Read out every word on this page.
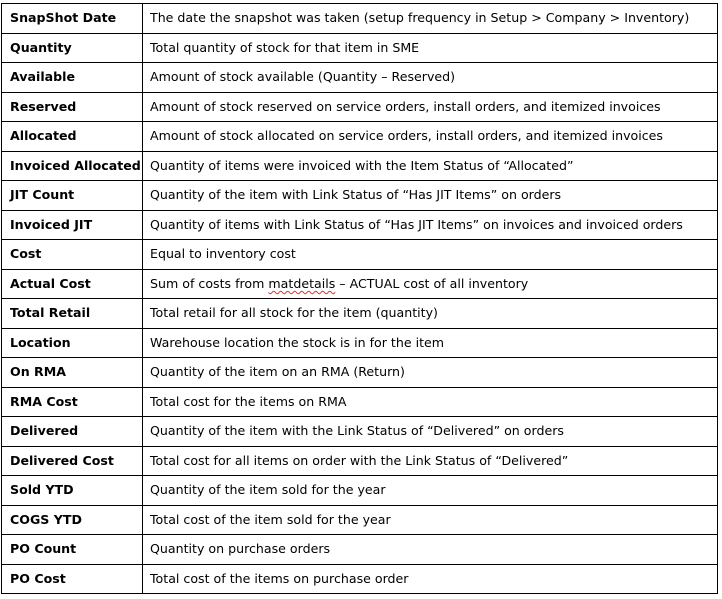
SnapShot Date	The date the snapshot was taken (setup frequency in Setup > Company > Inventory)
Quantity	Total quantity of stock for that item in SME
Available	Amount of stock available (Quantity – Reserved)
Reserved	Amount of stock reserved on service orders, install orders, and itemized invoices
Allocated	Amount of stock allocated on service orders, install orders, and itemized invoices
Invoiced Allocated	Quantity of items were invoiced with the Item Status of “Allocated”
JIT Count	Quantity of the item with Link Status of “Has JIT Items” on orders
Invoiced JIT	Quantity of items with Link Status of “Has JIT Items” on invoices and invoiced orders
Cost	Equal to inventory cost
Actual Cost	Sum of costs from matdetails – ACTUAL cost of all inventory
Total Retail	Total retail for all stock for the item (quantity)
Location	Warehouse location the stock is in for the item
On RMA	Quantity of the item on an RMA (Return)
RMA Cost	Total cost for the items on RMA
Delivered	Quantity of the item with the Link Status of “Delivered” on orders
Delivered Cost	Total cost for all items on order with the Link Status of “Delivered”
Sold YTD	Quantity of the item sold for the year
COGS YTD	Total cost of the item sold for the year
PO Count	Quantity on purchase orders
PO Cost	Total cost of the items on purchase order
